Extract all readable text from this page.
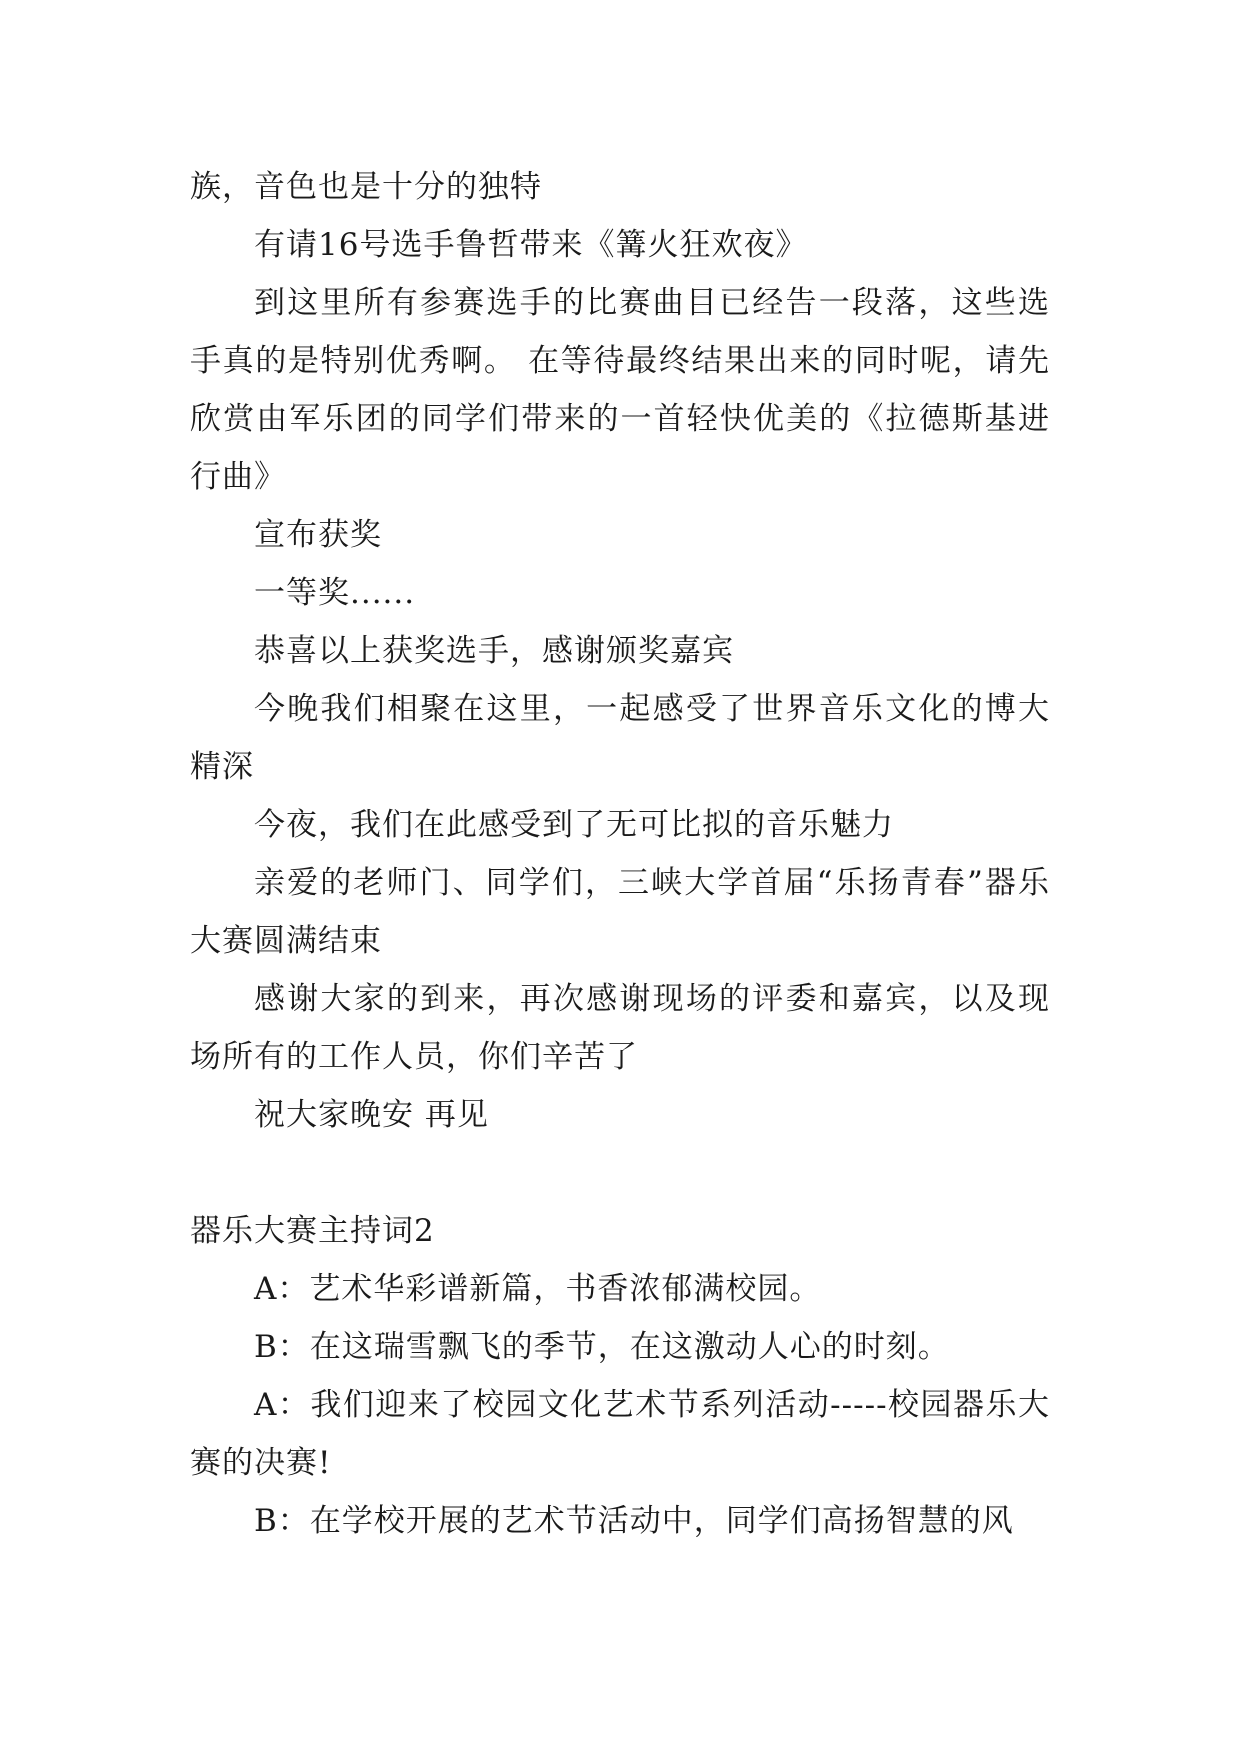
族，音色也是十分的独特

有请16号选手鲁哲带来《篝火狂欢夜》

到这里所有参赛选手的比赛曲目已经告一段落，这些选手真的是特别优秀啊。 在等待最终结果出来的同时呢，请先欣赏由军乐团的同学们带来的一首轻快优美的《拉德斯基进行曲》

宣布获奖

一等奖......

恭喜以上获奖选手，感谢颁奖嘉宾

今晚我们相聚在这里，一起感受了世界音乐文化的博大精深

今夜，我们在此感受到了无可比拟的音乐魅力

亲爱的老师门、同学们，三峡大学首届“乐扬青春”器乐大赛圆满结束

感谢大家的到来，再次感谢现场的评委和嘉宾，以及现场所有的工作人员，你们辛苦了

祝大家晚安 再见

器乐大赛主持词2

A：艺术华彩谱新篇，书香浓郁满校园。

B：在这瑞雪飘飞的季节，在这激动人心的时刻。

A：我们迎来了校园文化艺术节系列活动-----校园器乐大赛的决赛!

B：在学校开展的艺术节活动中，同学们高扬智慧的风
